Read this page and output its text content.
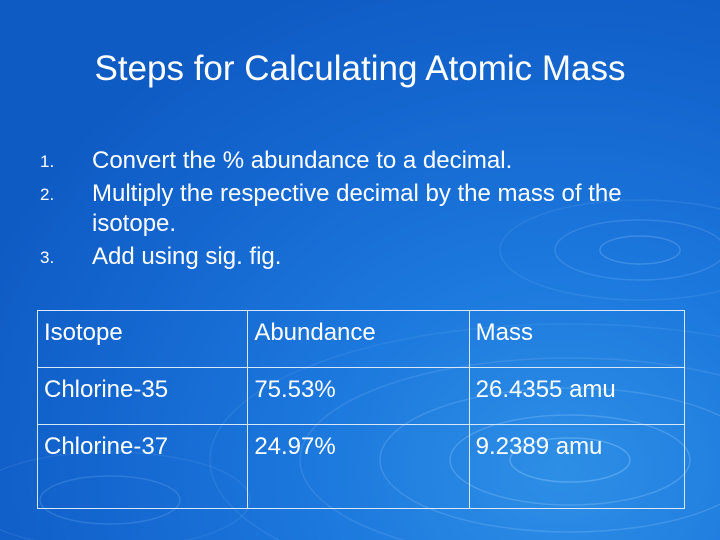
Steps for Calculating Atomic Mass
1.	Convert the % abundance to a decimal.
2.	Multiply the respective decimal by the mass of the isotope.
3.	Add using sig. fig.
Isotope	Abundance	Mass
Chlorine-35	75.53%	26.4355 amu
Chlorine-37	24.97%	9.2389 amu
